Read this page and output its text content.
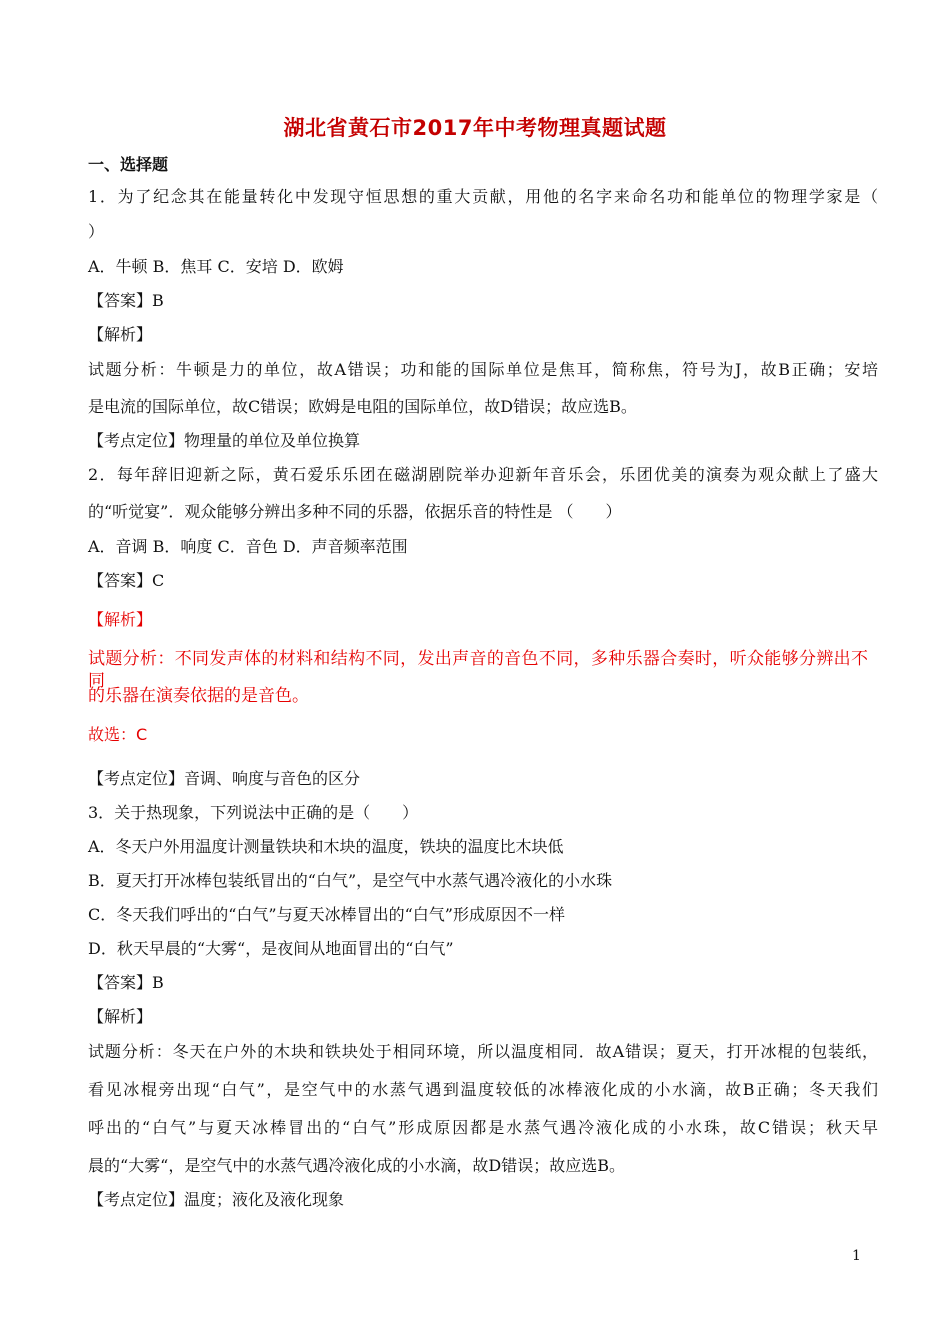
湖北省黄石市2017年中考物理真题试题
一、选择题
1．为了纪念其在能量转化中发现守恒思想的重大贡献，用他的名字来命名功和能单位的物理学家是（
）
A．牛顿 B．焦耳 C．安培 D．欧姆
【答案】B
【解析】
试题分析：牛顿是力的单位，故A错误；功和能的国际单位是焦耳，简称焦，符号为J，故B正确；安培
是电流的国际单位，故C错误；欧姆是电阻的国际单位，故D错误；故应选B。
【考点定位】物理量的单位及单位换算
2．每年辞旧迎新之际，黄石爱乐乐团在磁湖剧院举办迎新年音乐会，乐团优美的演奏为观众献上了盛大
的“听觉宴”．观众能够分辨出多种不同的乐器，依据乐音的特性是 （　　）
A．音调 B．响度 C．音色 D．声音频率范围
【答案】C
【解析】
试题分析：不同发声体的材料和结构不同，发出声音的音色不同，多种乐器合奏时，听众能够分辨出不同
的乐器在演奏依据的是音色。
故选：C
【考点定位】音调、响度与音色的区分
3．关于热现象，下列说法中正确的是（　　）
A．冬天户外用温度计测量铁块和木块的温度，铁块的温度比木块低
B．夏天打开冰棒包装纸冒出的“白气”，是空气中水蒸气遇冷液化的小水珠
C．冬天我们呼出的“白气”与夏天冰棒冒出的“白气”形成原因不一样
D．秋天早晨的“大雾“，是夜间从地面冒出的“白气”
【答案】B
【解析】
试题分析：冬天在户外的木块和铁块处于相同环境，所以温度相同．故A错误；夏天，打开冰棍的包装纸，
看见冰棍旁出现“白气”，是空气中的水蒸气遇到温度较低的冰棒液化成的小水滴，故B正确；冬天我们
呼出的“白气”与夏天冰棒冒出的“白气”形成原因都是水蒸气遇冷液化成的小水珠，故C错误；秋天早
晨的“大雾“，是空气中的水蒸气遇冷液化成的小水滴，故D错误；故应选B。
【考点定位】温度；液化及液化现象
1
